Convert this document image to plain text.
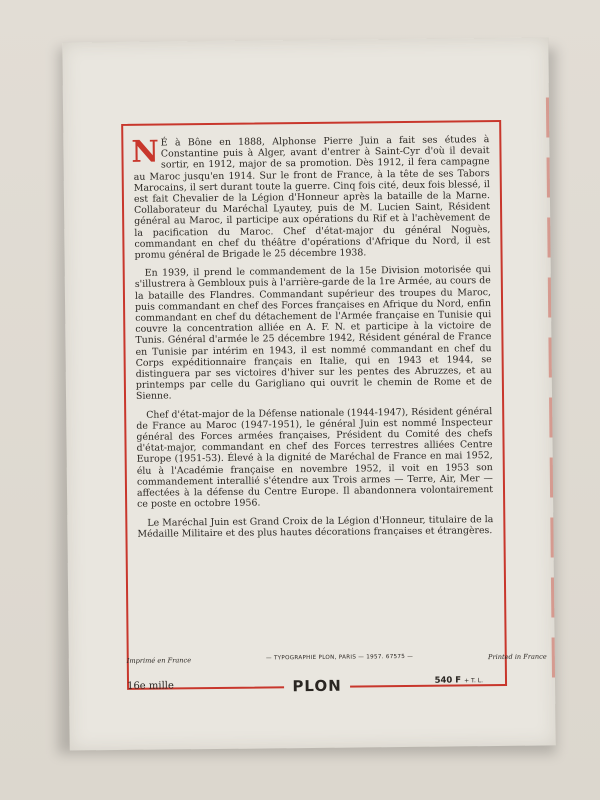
N É à Bône en 1888, Alphonse Pierre Juin a fait ses études à Constantine puis à Alger, avant d'entrer à Saint-Cyr d'où il devait sortir, en 1912, major de sa promotion. Dès 1912, il fera campagne au Maroc jusqu'en 1914. Sur le front de France, à la tête de ses Tabors Marocains, il sert durant toute la guerre. Cinq fois cité, deux fois blessé, il est fait Chevalier de la Légion d'Honneur après la bataille de la Marne. Collaborateur du Maréchal Lyautey, puis de M. Lucien Saint, Résident général au Maroc, il participe aux opérations du Rif et à l'achèvement de la pacification du Maroc. Chef d'état-major du général Noguès, commandant en chef du théâtre d'opérations d'Afrique du Nord, il est promu général de Brigade le 25 décembre 1938.

En 1939, il prend le commandement de la 15e Division motorisée qui s'illustrera à Gembloux puis à l'arrière-garde de la 1re Armée, au cours de la bataille des Flandres. Commandant supérieur des troupes du Maroc, puis commandant en chef des Forces françaises en Afrique du Nord, enfin commandant en chef du détachement de l'Armée française en Tunisie qui couvre la concentration alliée en A. F. N. et participe à la victoire de Tunis. Général d'armée le 25 décembre 1942, Résident général de France en Tunisie par intérim en 1943, il est nommé commandant en chef du Corps expéditionnaire français en Italie, qui en 1943 et 1944, se distinguera par ses victoires d'hiver sur les pentes des Abruzzes, et au printemps par celle du Garigliano qui ouvrit le chemin de Rome et de Sienne.

Chef d'état-major de la Défense nationale (1944-1947), Résident général de France au Maroc (1947-1951), le général Juin est nommé Inspecteur général des Forces armées françaises, Président du Comité des chefs d'état-major, commandant en chef des Forces terrestres alliées Centre Europe (1951-53). Élevé à la dignité de Maréchal de France en mai 1952, élu à l'Académie française en novembre 1952, il voit en 1953 son commandement interallié s'étendre aux Trois armes — Terre, Air, Mer — affectées à la défense du Centre Europe. Il abandonnera volontairement ce poste en octobre 1956.

Le Maréchal Juin est Grand Croix de la Légion d'Honneur, titulaire de la Médaille Militaire et des plus hautes décorations françaises et étrangères.

PLON
Imprimé en France	— TYPOGRAPHIE PLON, PARIS — 1957. 67575 —	Printed in France
16e mille	540 F + T. L.
